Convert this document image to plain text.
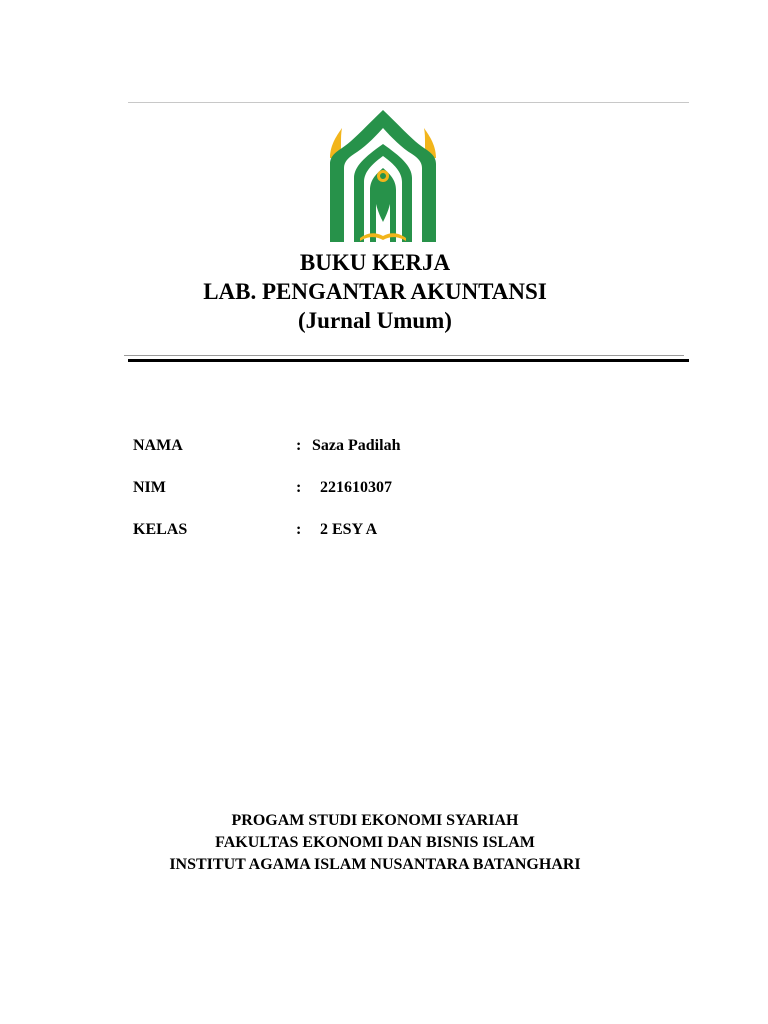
BUKU KERJA
LAB. PENGANTAR AKUNTANSI
(Jurnal Umum)
NAMA	: Saza Padilah
NIM	: 221610307
KELAS	: 2 ESY A
PROGAM STUDI EKONOMI SYARIAH
FAKULTAS EKONOMI DAN BISNIS ISLAM
INSTITUT AGAMA ISLAM NUSANTARA BATANGHARI
